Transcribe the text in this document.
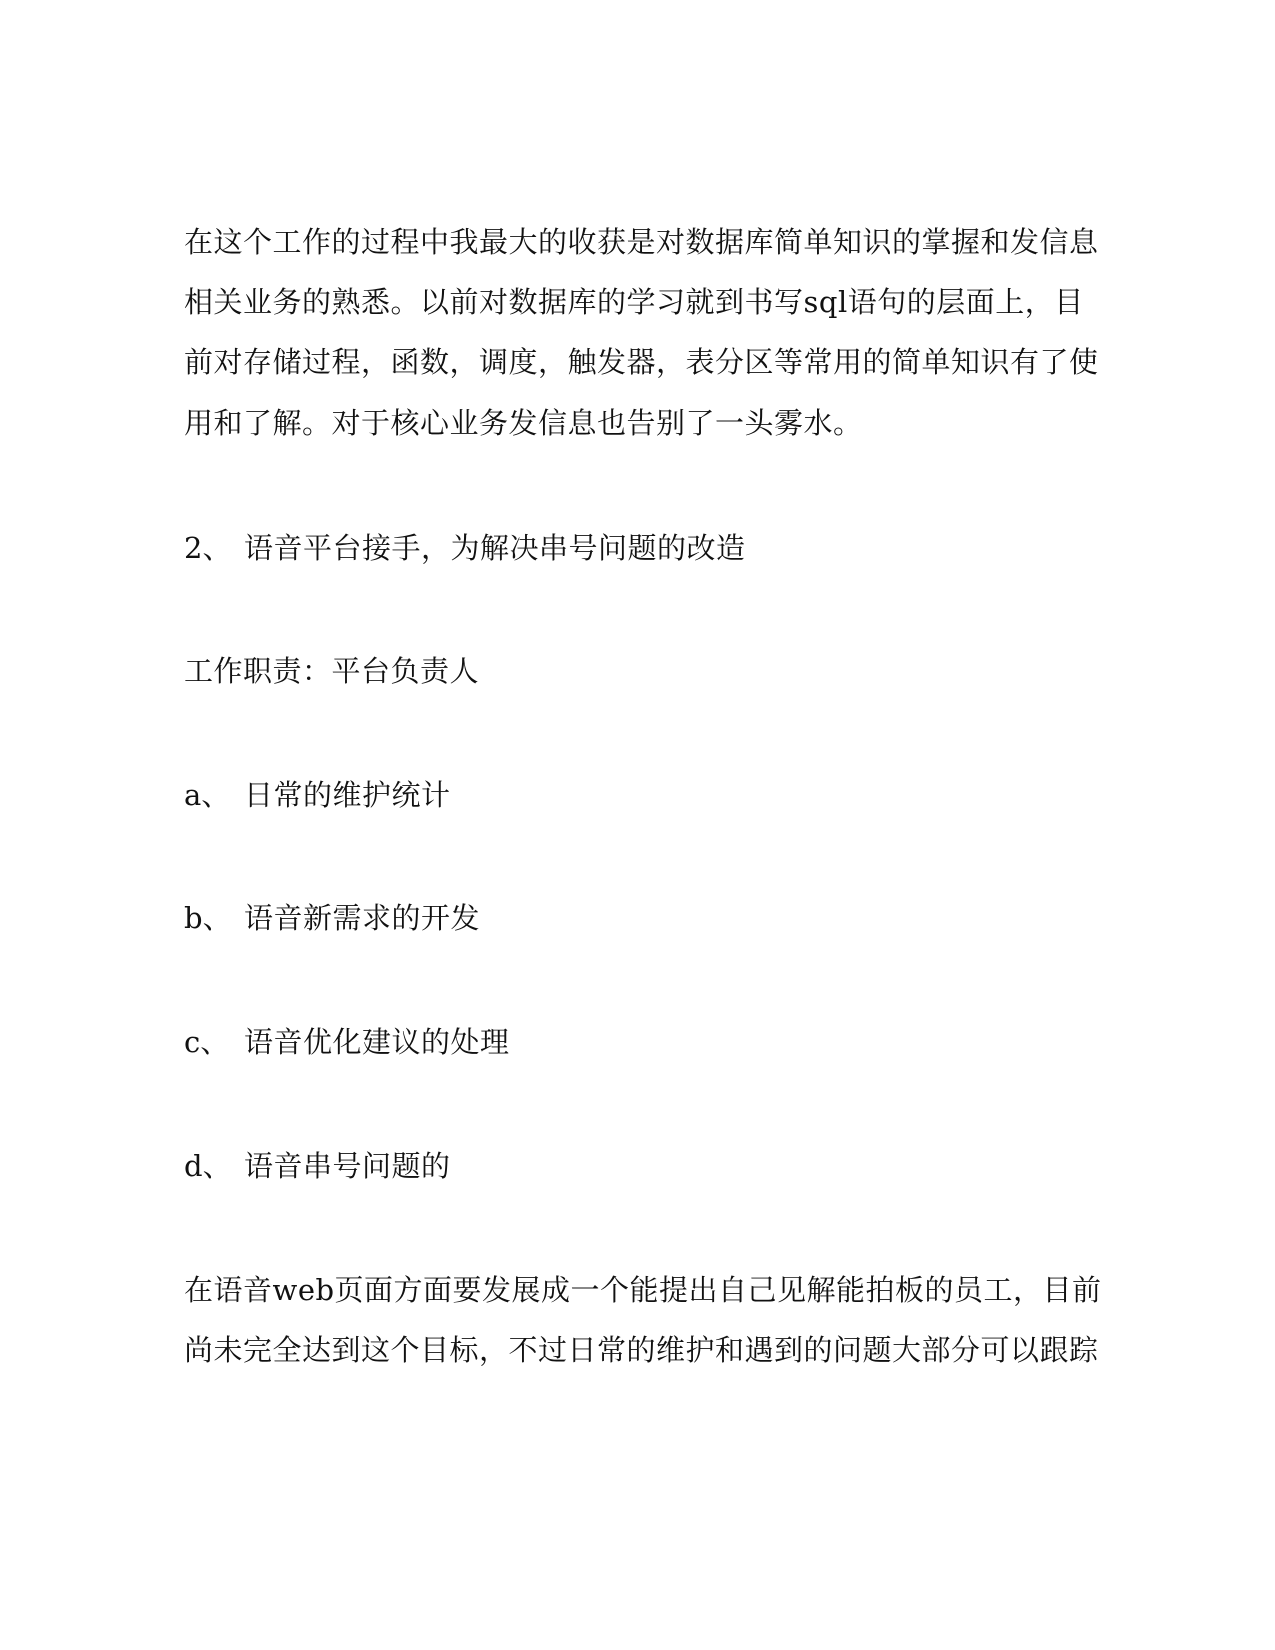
在这个工作的过程中我最大的收获是对数据库简单知识的掌握和发信息
相关业务的熟悉。以前对数据库的学习就到书写sql语句的层面上，目
前对存储过程，函数，调度，触发器，表分区等常用的简单知识有了使
用和了解。对于核心业务发信息也告别了一头雾水。
2、 语音平台接手，为解决串号问题的改造
工作职责：平台负责人
a、 日常的维护统计
b、 语音新需求的开发
c、 语音优化建议的处理
d、 语音串号问题的
在语音web页面方面要发展成一个能提出自己见解能拍板的员工，目前
尚未完全达到这个目标，不过日常的维护和遇到的问题大部分可以跟踪
